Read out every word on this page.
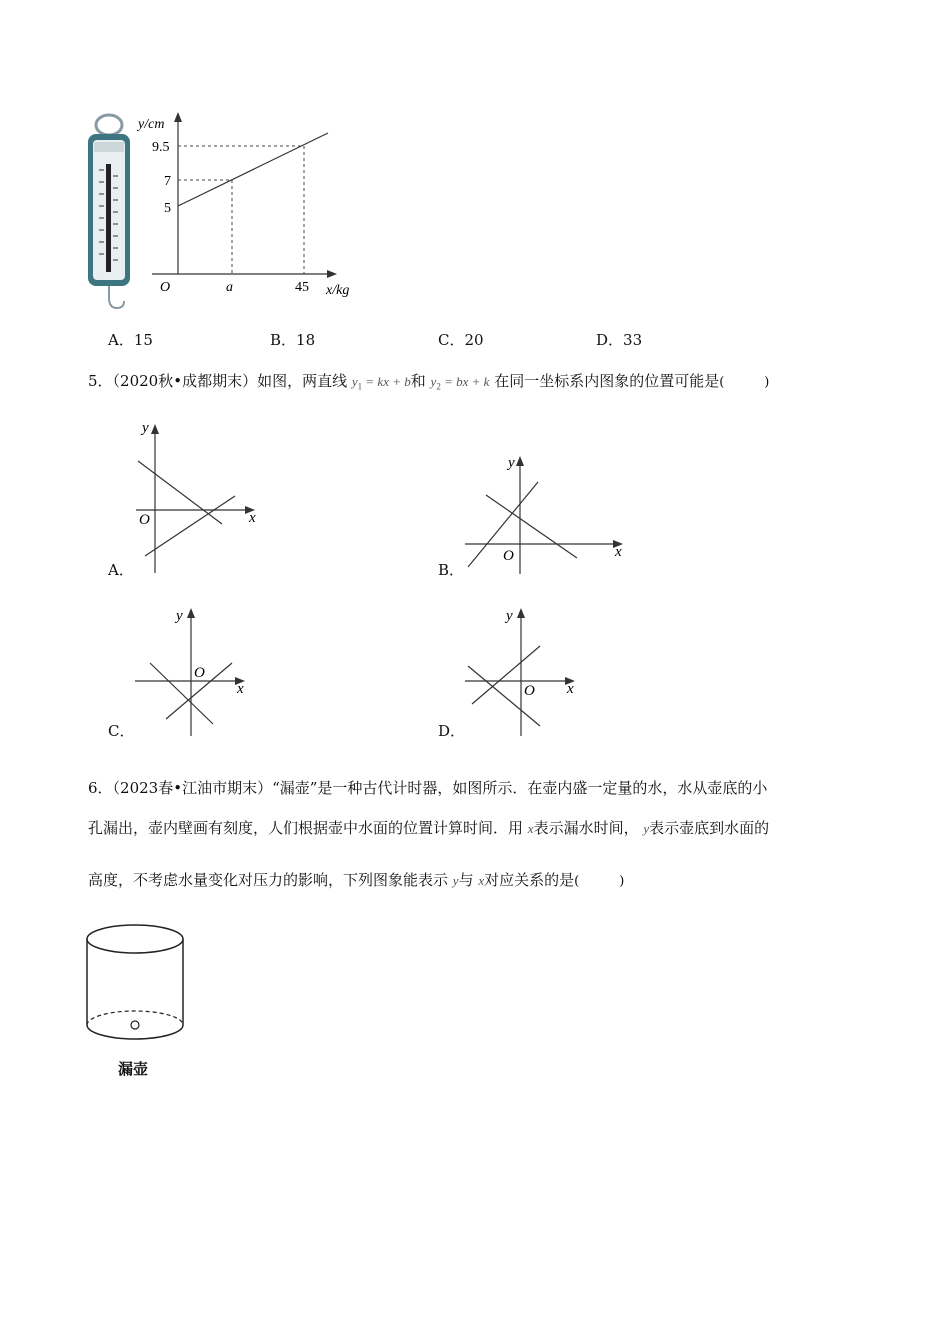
y/cm
9.5
7
5
O	a	45 x/kg
A．15	B．18	C．20	D．33
5．（2020秋•成都期末）如图，两直线 $y_1$ = kx + b和 $y_2$ = bx + k 在同一坐标系内图象的位置可能是(	)
y
x
O
A．
y
x
O
B．
y
x
O
C．
y
x
O
D．
6．（2023春•江油市期末）“漏壶”是一种古代计时器，如图所示．在壶内盛一定量的水，水从壶底的小
孔漏出，壶内壁画有刻度，人们根据壶中水面的位置计算时间．用 x表示漏水时间， y表示壶底到水面的
高度，不考虑水量变化对压力的影响，下列图象能表示 y与 x对应关系的是(	)
漏壶
